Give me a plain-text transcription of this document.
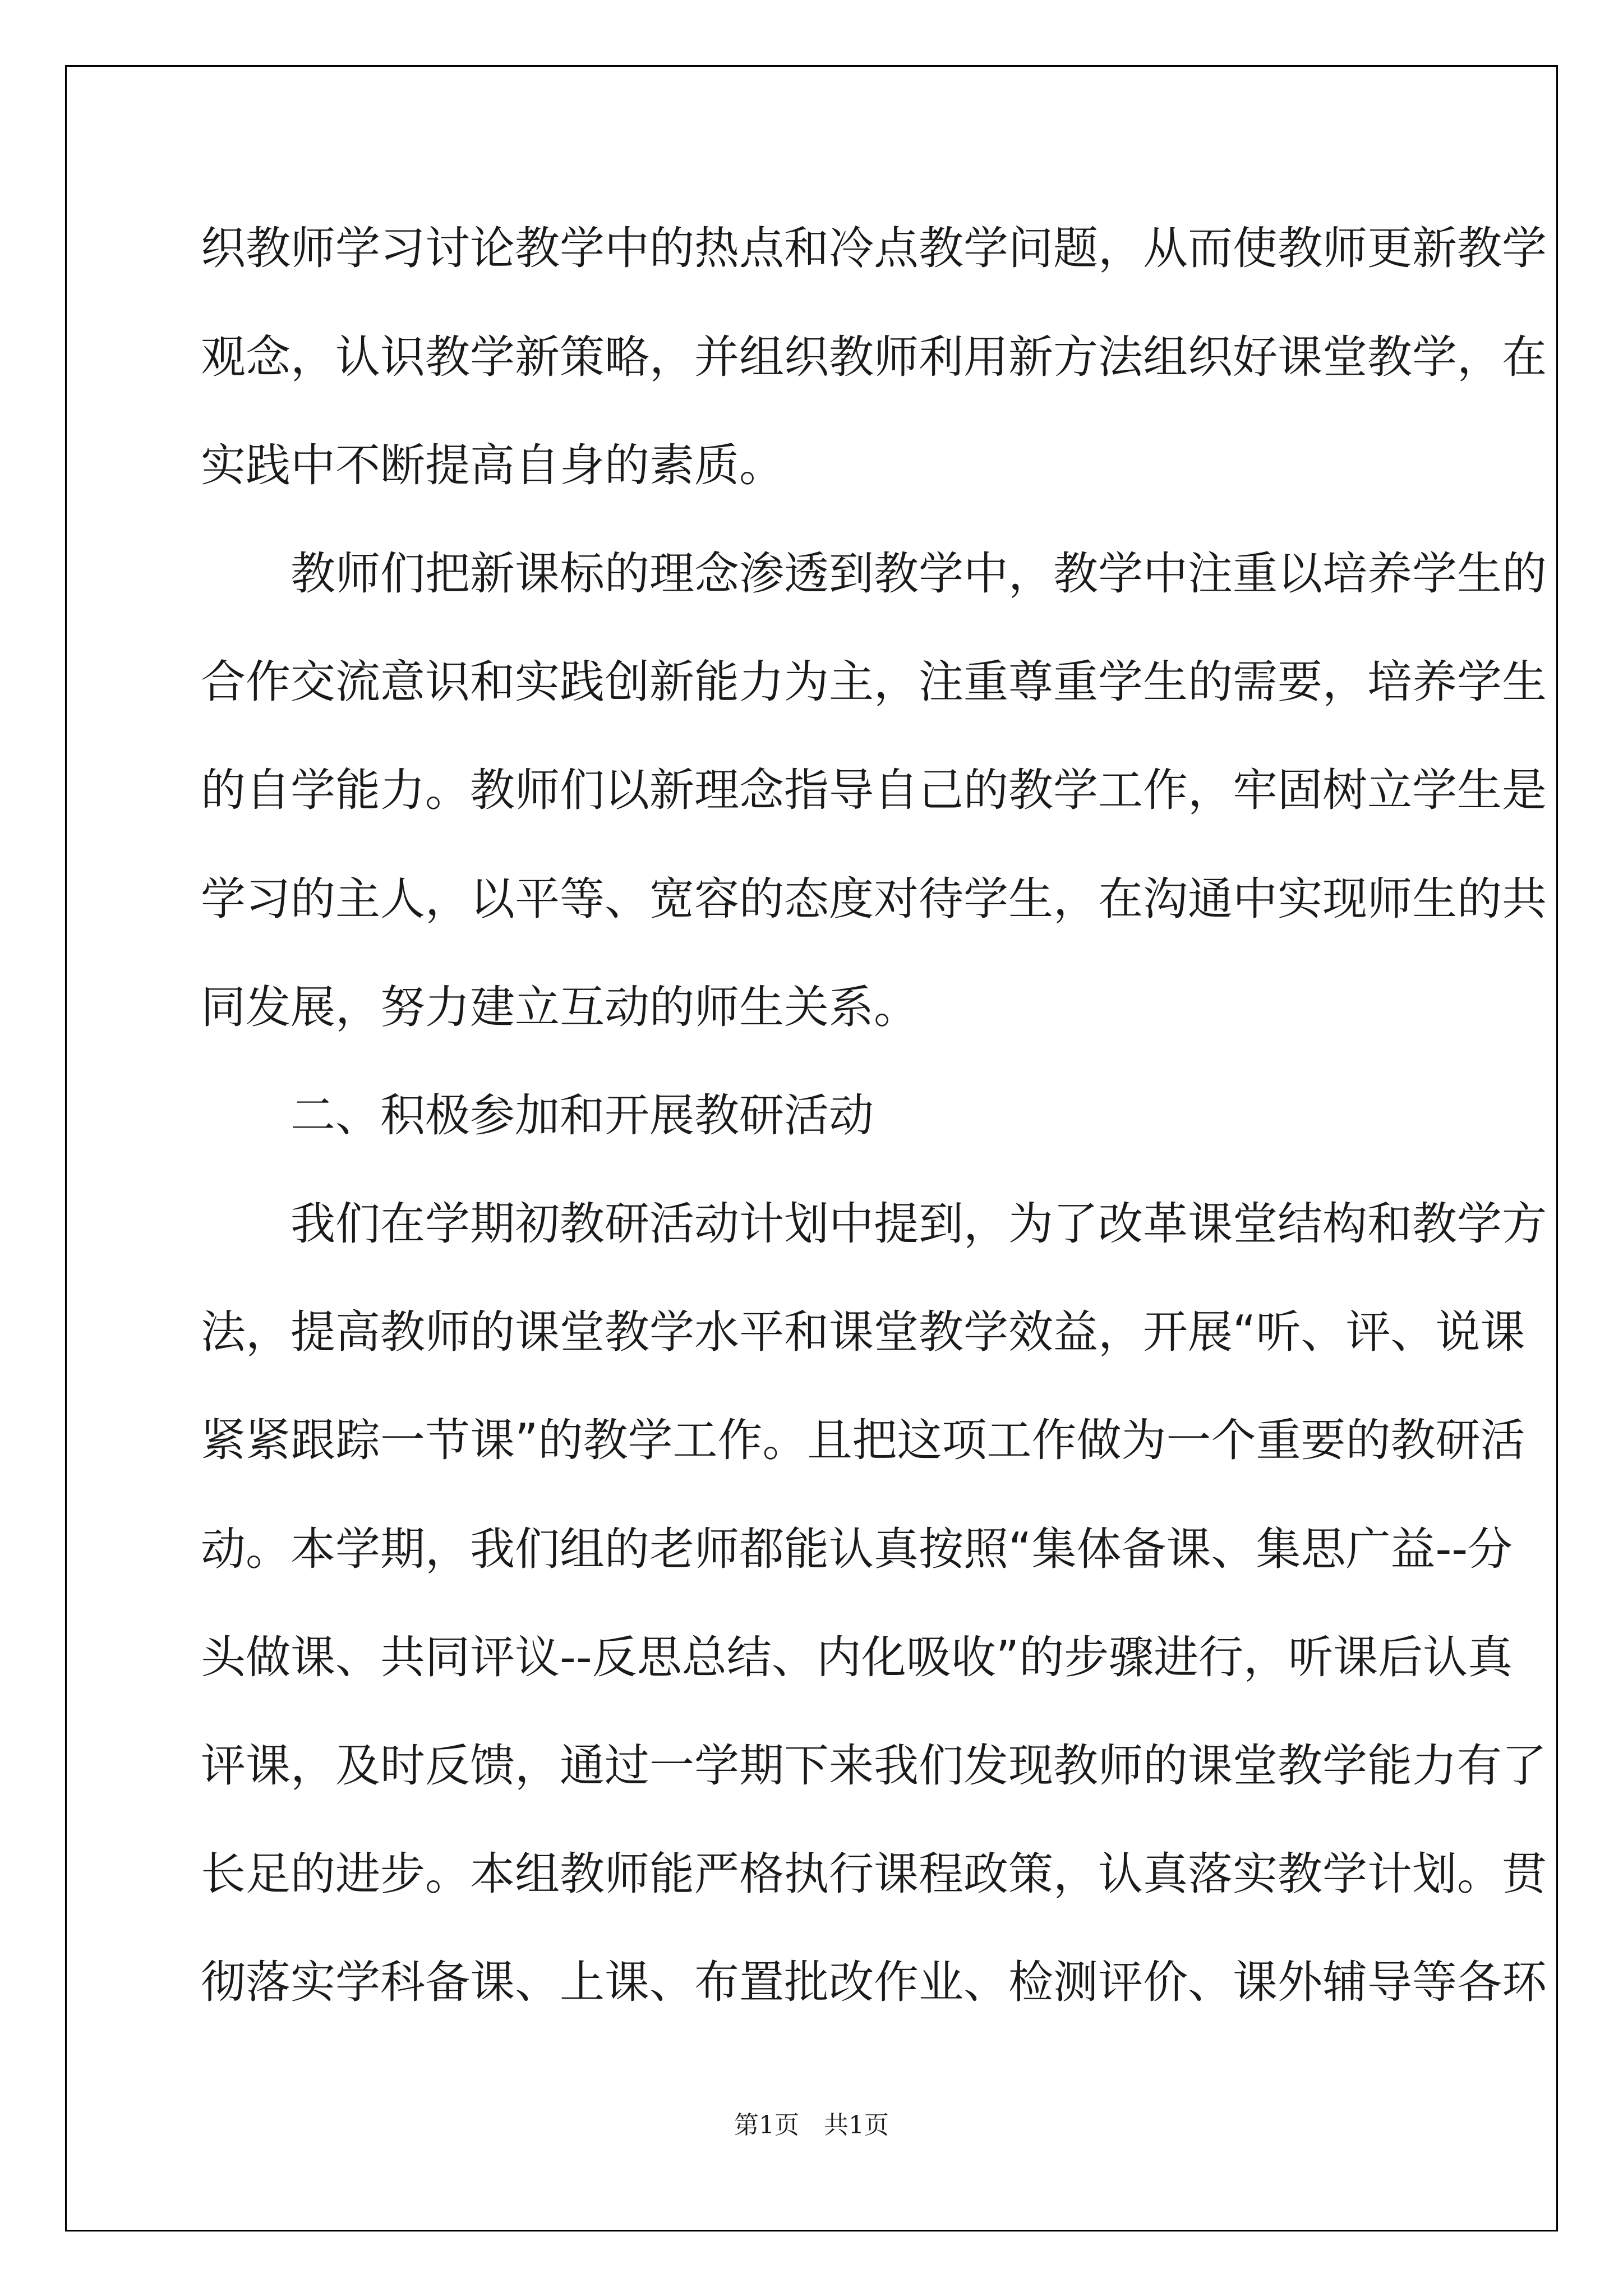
织教师学习讨论教学中的热点和冷点教学问题，从而使教师更新教学
观念，认识教学新策略，并组织教师利用新方法组织好课堂教学，在
实践中不断提高自身的素质。
　　教师们把新课标的理念渗透到教学中，教学中注重以培养学生的
合作交流意识和实践创新能力为主，注重尊重学生的需要，培养学生
的自学能力。教师们以新理念指导自己的教学工作，牢固树立学生是
学习的主人，以平等、宽容的态度对待学生，在沟通中实现师生的共
同发展，努力建立互动的师生关系。
　　二、积极参加和开展教研活动
　　我们在学期初教研活动计划中提到，为了改革课堂结构和教学方
法，提高教师的课堂教学水平和课堂教学效益，开展“听、评、说课
紧紧跟踪一节课”的教学工作。且把这项工作做为一个重要的教研活
动。本学期，我们组的老师都能认真按照“集体备课、集思广益--分
头做课、共同评议--反思总结、内化吸收”的步骤进行，听课后认真
评课，及时反馈，通过一学期下来我们发现教师的课堂教学能力有了
长足的进步。本组教师能严格执行课程政策，认真落实教学计划。贯
彻落实学科备课、上课、布置批改作业、检测评价、课外辅导等各环
第1页　共1页
